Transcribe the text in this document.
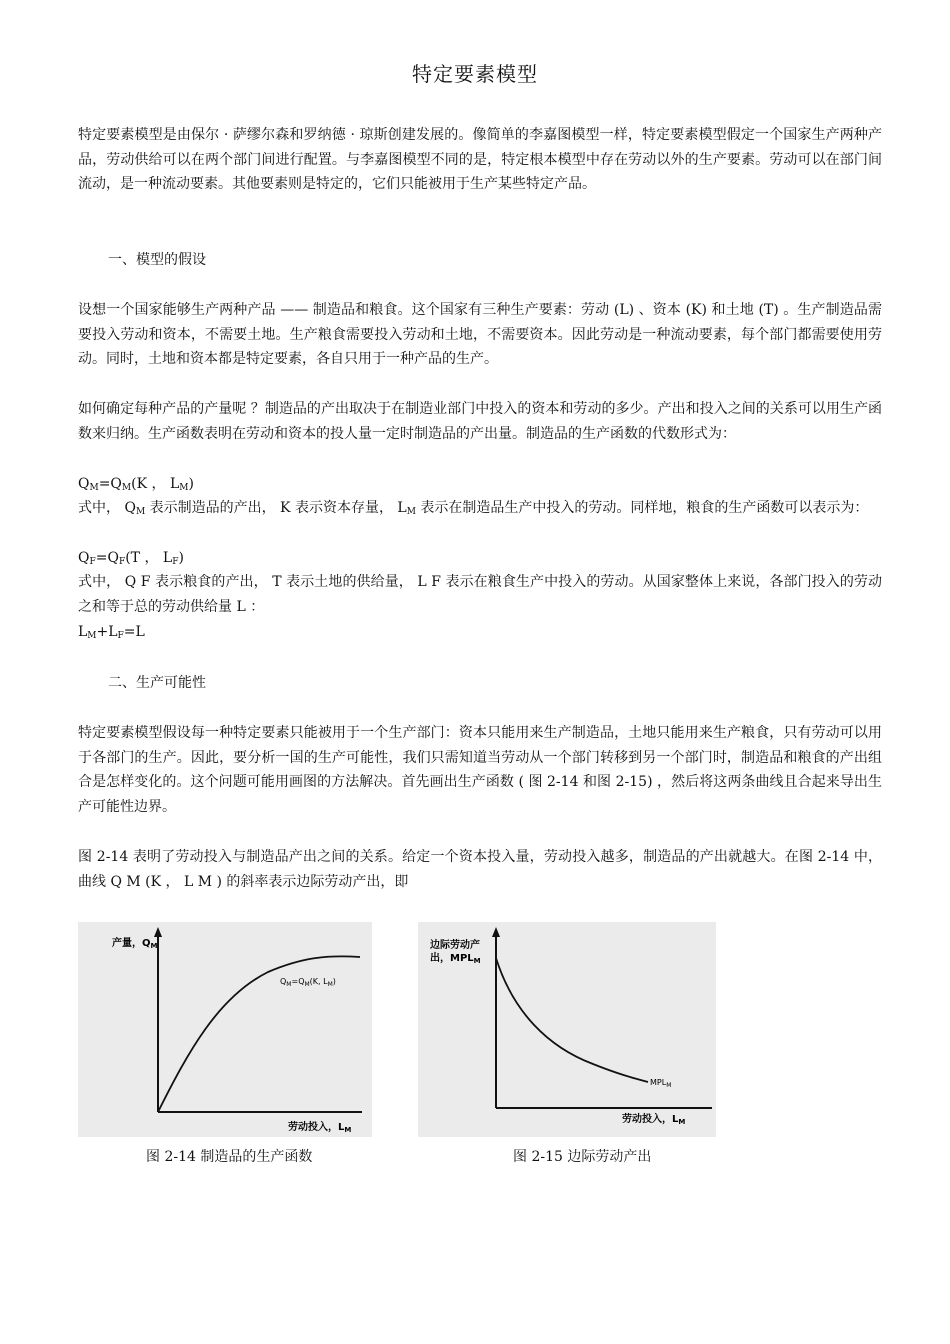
特定要素模型

特定要素模型是由保尔 · 萨缪尔森和罗纳德 · 琼斯创建发展的。像简单的李嘉图模型一样，特定要素模型假定一个国家生产两种产品，劳动供给可以在两个部门间进行配置。与李嘉图模型不同的是，特定根本模型中存在劳动以外的生产要素。劳动可以在部门间流动，是一种流动要素。其他要素则是特定的，它们只能被用于生产某些特定产品。

一、模型的假设

设想一个国家能够生产两种产品 —— 制造品和粮食。这个国家有三种生产要素：劳动 (L) 、资本 (K) 和土地 (T) 。生产制造品需要投入劳动和资本，不需要土地。生产粮食需要投入劳动和土地，不需要资本。因此劳动是一种流动要素，每个部门都需要使用劳动。同时，土地和资本都是特定要素，各自只用于一种产品的生产。

如何确定每种产品的产量呢 ？制造品的产出取决于在制造业部门中投入的资本和劳动的多少。产出和投入之间的关系可以用生产函数来归纳。生产函数表明在劳动和资本的投人量一定时制造品的产出量。制造品的生产函数的代数形式为：

$Q_M=Q_M(K$ ， $L_M$)

式中， $Q_M$ 表示制造品的产出， K 表示资本存量， $L_M$ 表示在制造品生产中投入的劳动。同样地，粮食的生产函数可以表示为：

$Q_F=Q_F(T$ ， $L_F$)

式中， Q F 表示粮食的产出， T 表示土地的供给量， L F 表示在粮食生产中投入的劳动。从国家整体上来说，各部门投入的劳动之和等于总的劳动供给量 L ：

$L_M+L_F=L$
二、生产可能性

特定要素模型假设每一种特定要素只能被用于一个生产部门：资本只能用来生产制造品，土地只能用来生产粮食，只有劳动可以用于各部门的生产。因此，要分析一国的生产可能性，我们只需知道当劳动从一个部门转移到另一个部门时，制造品和粮食的产出组合是怎样变化的。这个问题可能用画图的方法解决。首先画出生产函数 ( 图 2-14 和图 2-15) ，然后将这两条曲线且合起来导出生产可能性边界。

图 2-14 表明了劳动投入与制造品产出之间的关系。给定一个资本投入量，劳动投入越多，制造品的产出就越大。在图 2-14 中，曲线 Q M (K ， L M ) 的斜率表示边际劳动产出，即

产量，$Q_M$
$Q_M=Q_M(K$, $L_M$)
劳动投入，$L_M$
图 2-14 制造品的生产函数
边际劳动产
出，$MPL_M$
$MPL_M$
劳动投入，$L_M$
图 2-15 边际劳动产出
